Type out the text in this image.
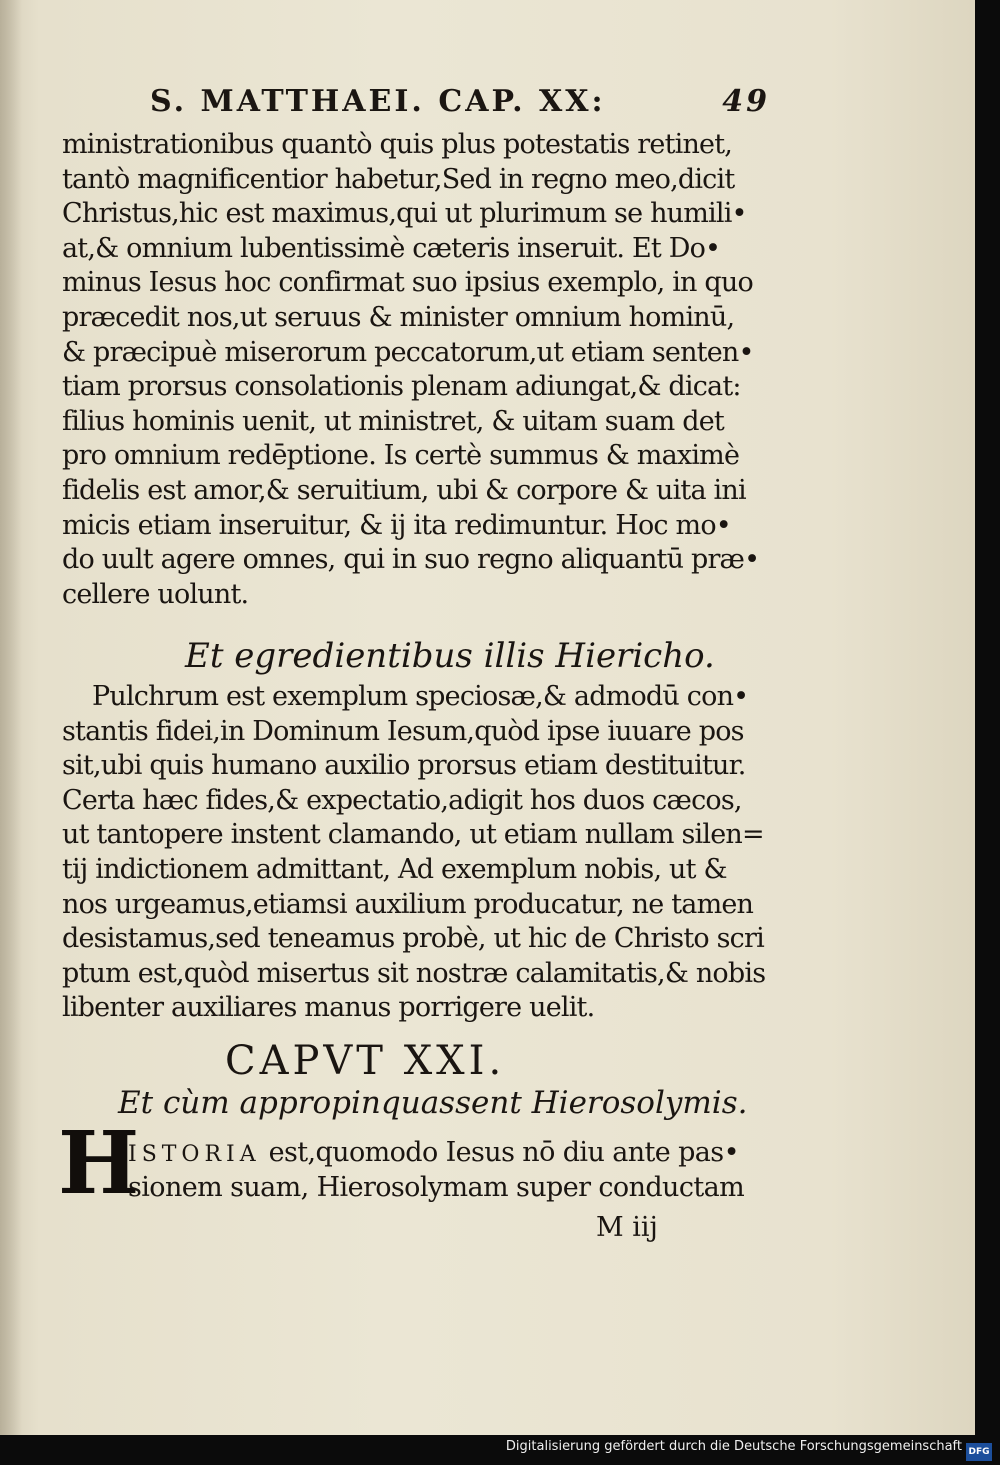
S. MATTHAEI. CAP. XX:	49
ministrationibus quantò quis plus potestatis retinet,
tantò magnificentior habetur,Sed in regno meo,dicit
Christus,hic est maximus,qui ut plurimum se humili•
at,& omnium lubentissimè cæteris inseruit. Et Do•
minus Iesus hoc confirmat suo ipsius exemplo, in quo
præcedit nos,ut seruus & minister omnium hominū,
& præcipuè miserorum peccatorum,ut etiam senten•
tiam prorsus consolationis plenam adiungat,& dicat:
filius hominis uenit, ut ministret, & uitam suam det
pro omnium redēptione. Is certè summus & maximè
fidelis est amor,& seruitium, ubi & corpore & uita ini
micis etiam inseruitur, & ij ita redimuntur. Hoc mo•
do uult agere omnes, qui in suo regno aliquantū præ•
cellere uolunt.
Et egredientibus illis Hiericho.
Pulchrum est exemplum speciosæ,& admodū con•
stantis fidei,in Dominum Iesum,quòd ipse iuuare pos
sit,ubi quis humano auxilio prorsus etiam destituitur.
Certa hæc fides,& expectatio,adigit hos duos cæcos,
ut tantopere instent clamando, ut etiam nullam silen=
tij indictionem admittant, Ad exemplum nobis, ut &
nos urgeamus,etiamsi auxilium producatur, ne tamen
desistamus,sed teneamus probè, ut hic de Christo scri
ptum est,quòd misertus sit nostræ calamitatis,& nobis
libenter auxiliares manus porrigere uelit.
CAPVT XXI.
Et cùm appropinquassent Hierosolymis.
H
ISTORIA est,quomodo Iesus nō diu ante pas•
sionem suam, Hierosolymam super conductam
M iij
Digitalisierung gefördert durch die Deutsche Forschungsgemeinschaft DFG
